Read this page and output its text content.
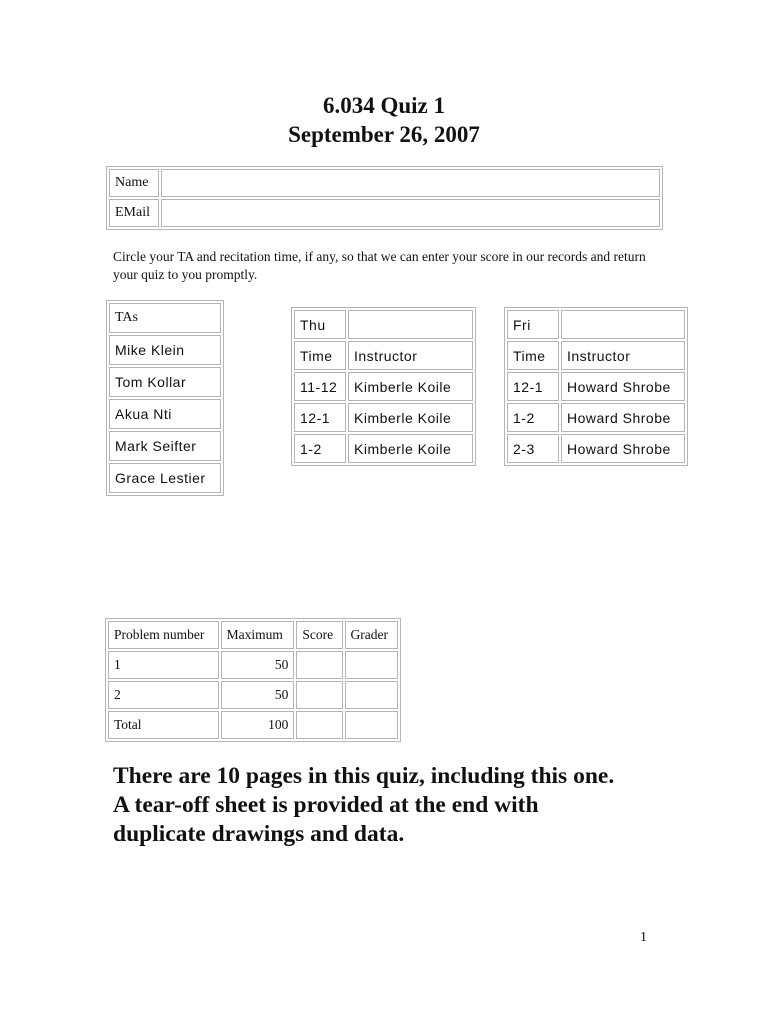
6.034 Quiz 1
September 26, 2007
Name	
EMail	

Circle your TA and recitation time, if any, so that we can enter your score in our records and return your quiz to you promptly.

TAs
Mike Klein
Tom Kollar
Akua Nti
Mark Seifter
Grace Lestier
Thu	
Time	Instructor
11-12	Kimberle Koile
12-1	Kimberle Koile
1-2	Kimberle Koile
Fri	
Time	Instructor
12-1	Howard Shrobe
1-2	Howard Shrobe
2-3	Howard Shrobe
Problem number	Maximum	Score	Grader
1	50		
2	50		
Total	100		
There are 10 pages in this quiz, including this one.
A tear-off sheet is provided at the end with
duplicate drawings and data.
1
